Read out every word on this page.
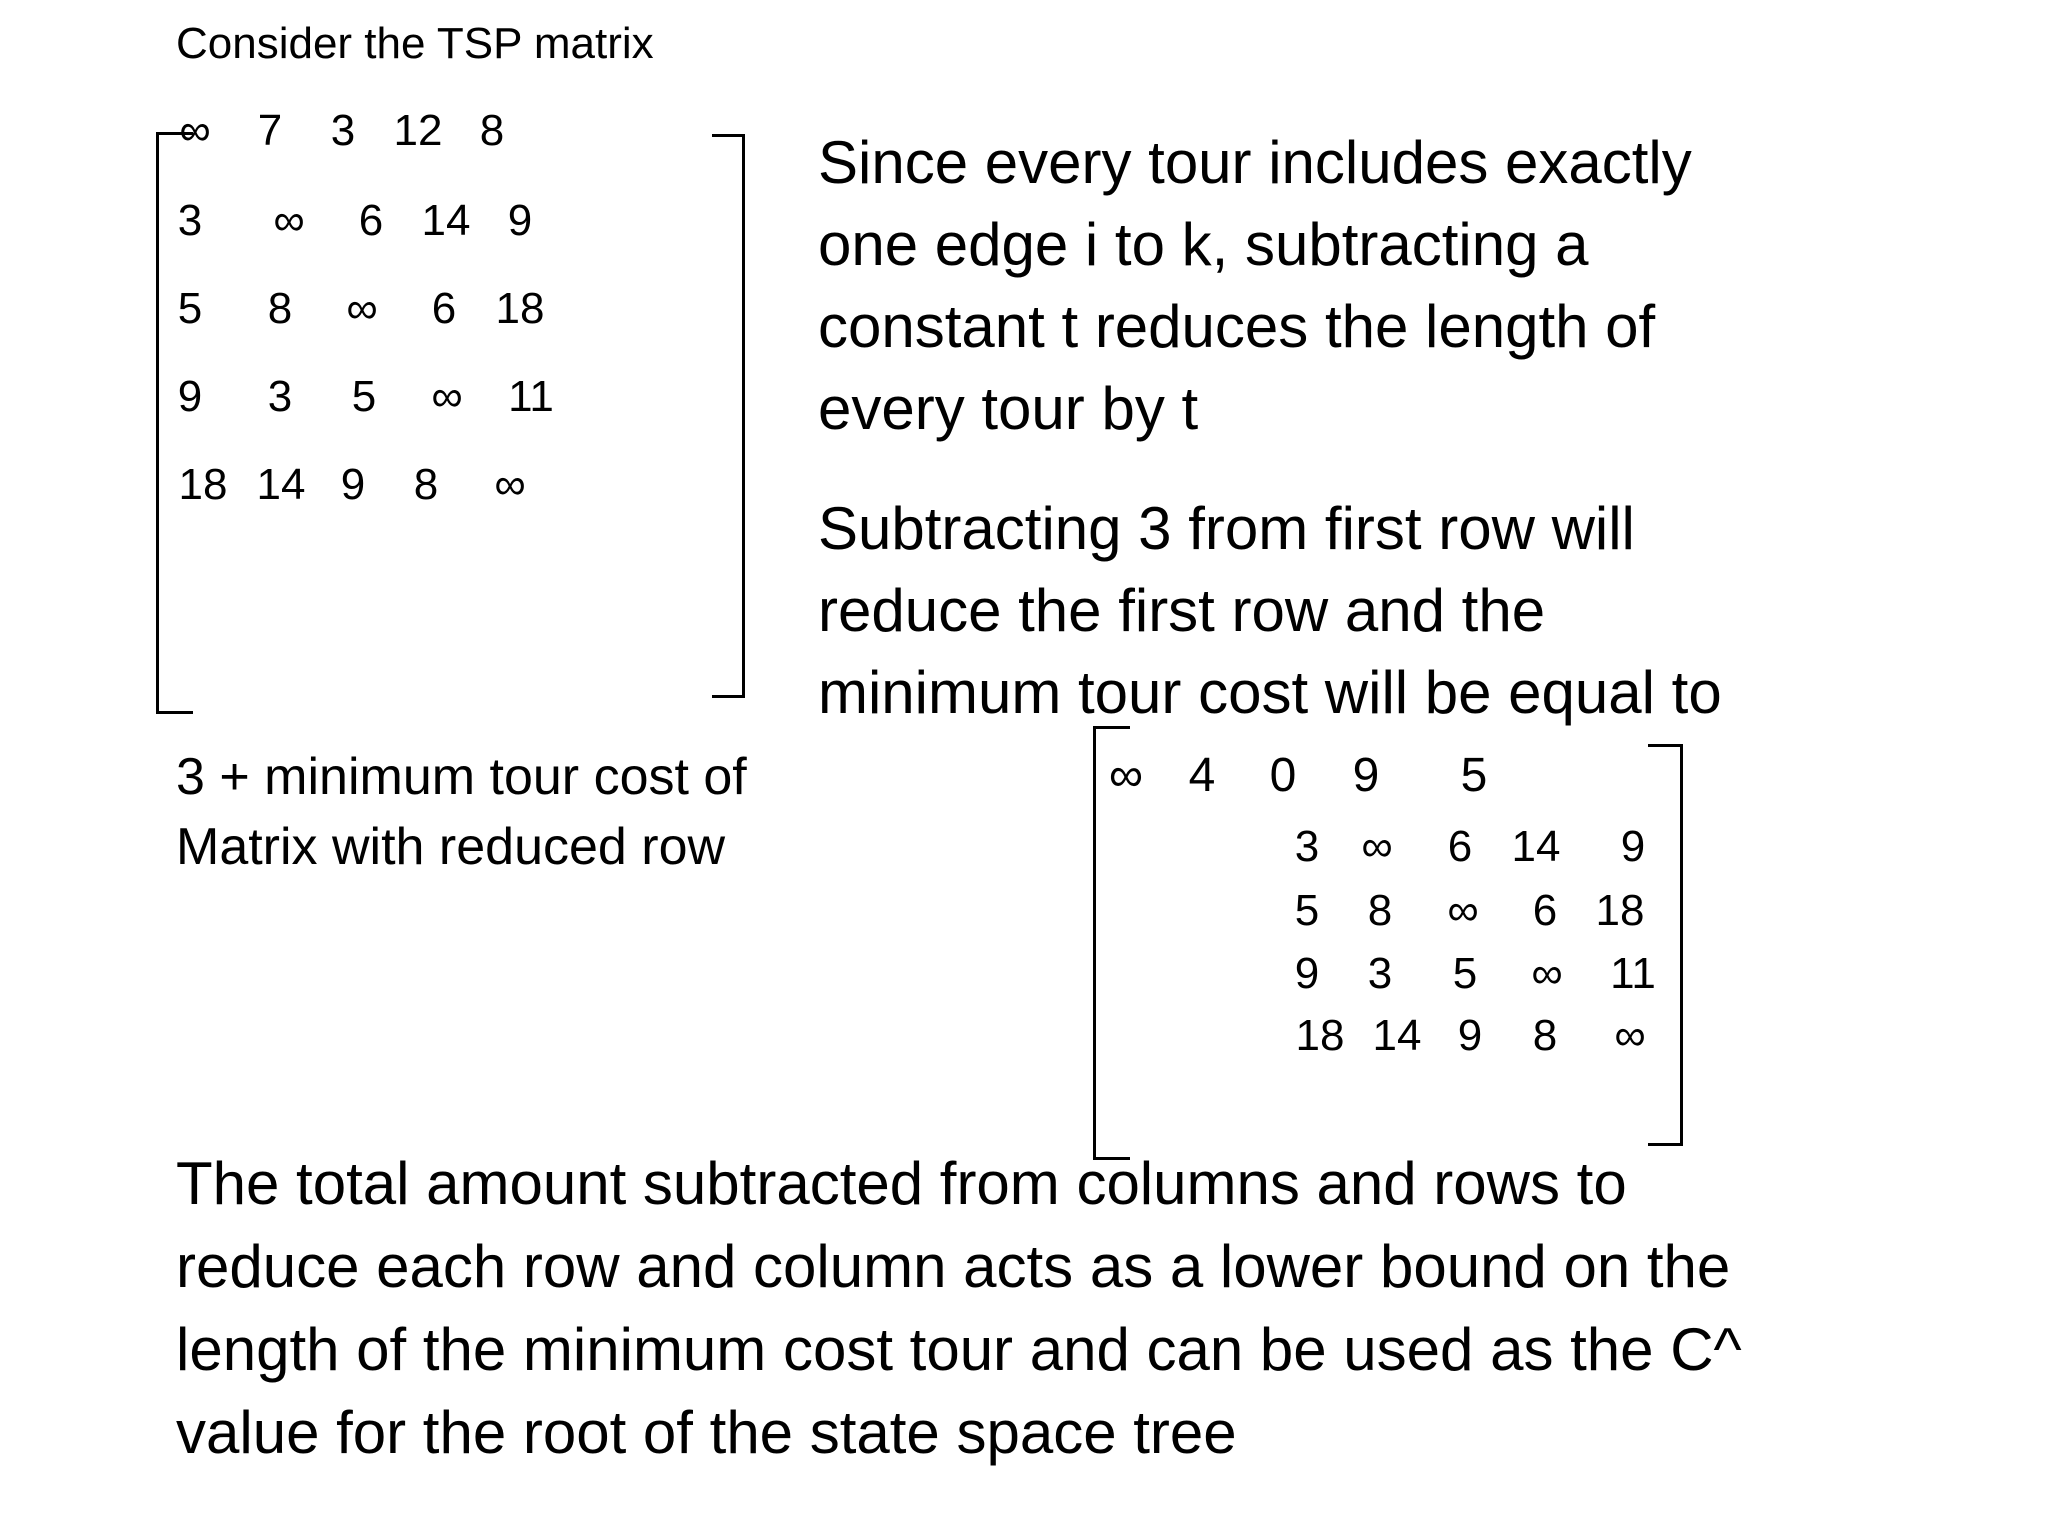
Consider the TSP matrix
∞ 7 3 12 8
3 ∞ 6 14 9
5 8 ∞ 6 18
9 3 5 ∞ 11
18 14 9 8 ∞
Since every tour includes exactly
one edge i to k, subtracting a
constant t reduces the length of
every tour by t
Subtracting 3 from first row will
reduce the first row and the
minimum tour cost will be equal to
3 + minimum tour cost of
Matrix with reduced row
∞ 4 0 9 5
3 ∞ 6 14 9
5 8 ∞ 6 18
9 3 5 ∞ 11
18 14 9 8 ∞
The total amount subtracted from columns and rows to
reduce each row and column acts as a lower bound on the
length of the minimum cost tour and can be used as the C^
value for the root of the state space tree
